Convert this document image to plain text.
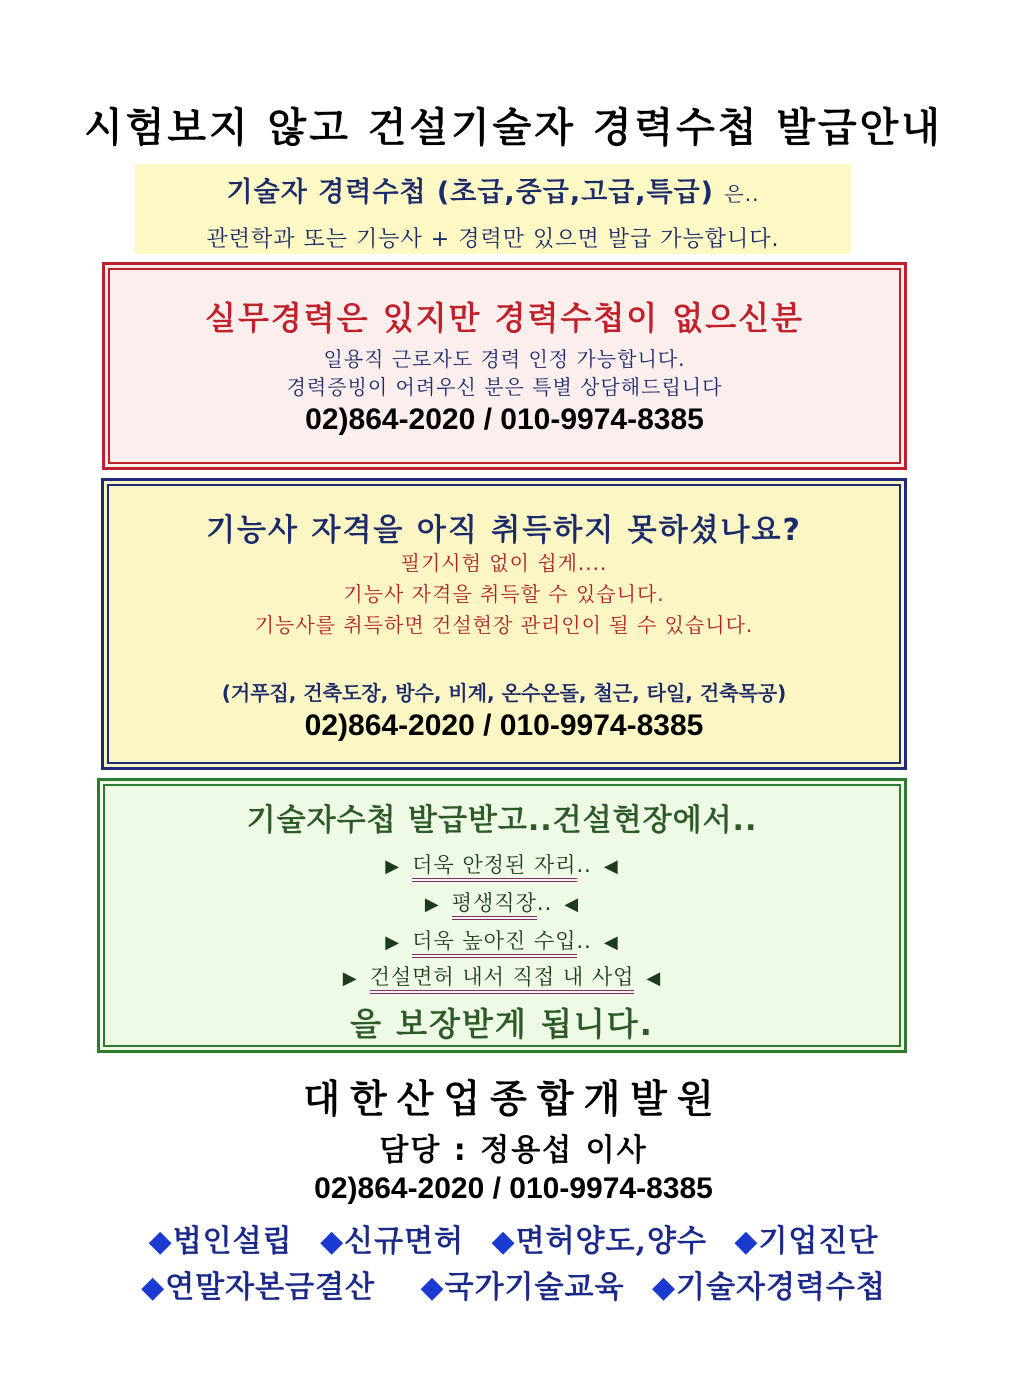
시험보지 않고 건설기술자 경력수첩 발급안내
기술자 경력수첩 (초급,중급,고급,특급) 은..
관련학과 또는 기능사 + 경력만 있으면 발급 가능합니다.
실무경력은 있지만 경력수첩이 없으신분
일용직 근로자도 경력 인정 가능합니다.
경력증빙이 어려우신 분은 특별 상담해드립니다
02)864-2020 / 010-9974-8385
기능사 자격을 아직 취득하지 못하셨나요?
필기시험 없이 쉽게....
기능사 자격을 취득할 수 있습니다.
기능사를 취득하면 건설현장 관리인이 될 수 있습니다.
(거푸집, 건축도장, 방수, 비계, 온수온돌, 철근, 타일, 건축목공)
02)864-2020 / 010-9974-8385
기술자수첩 발급받고..건설현장에서..
▶ 더욱 안정된 자리.. ◀
▶ 평생직장.. ◀
▶ 더욱 높아진 수입.. ◀
▶ 건설면허 내서 직접 내 사업 ◀
을 보장받게 됩니다.
대한산업종합개발원
담당 : 정용섭 이사
02)864-2020 / 010-9974-8385
◆법인설립 ◆신규면허 ◆면허양도,양수 ◆기업진단
◆연말자본금결산 ◆국가기술교육 ◆기술자경력수첩
